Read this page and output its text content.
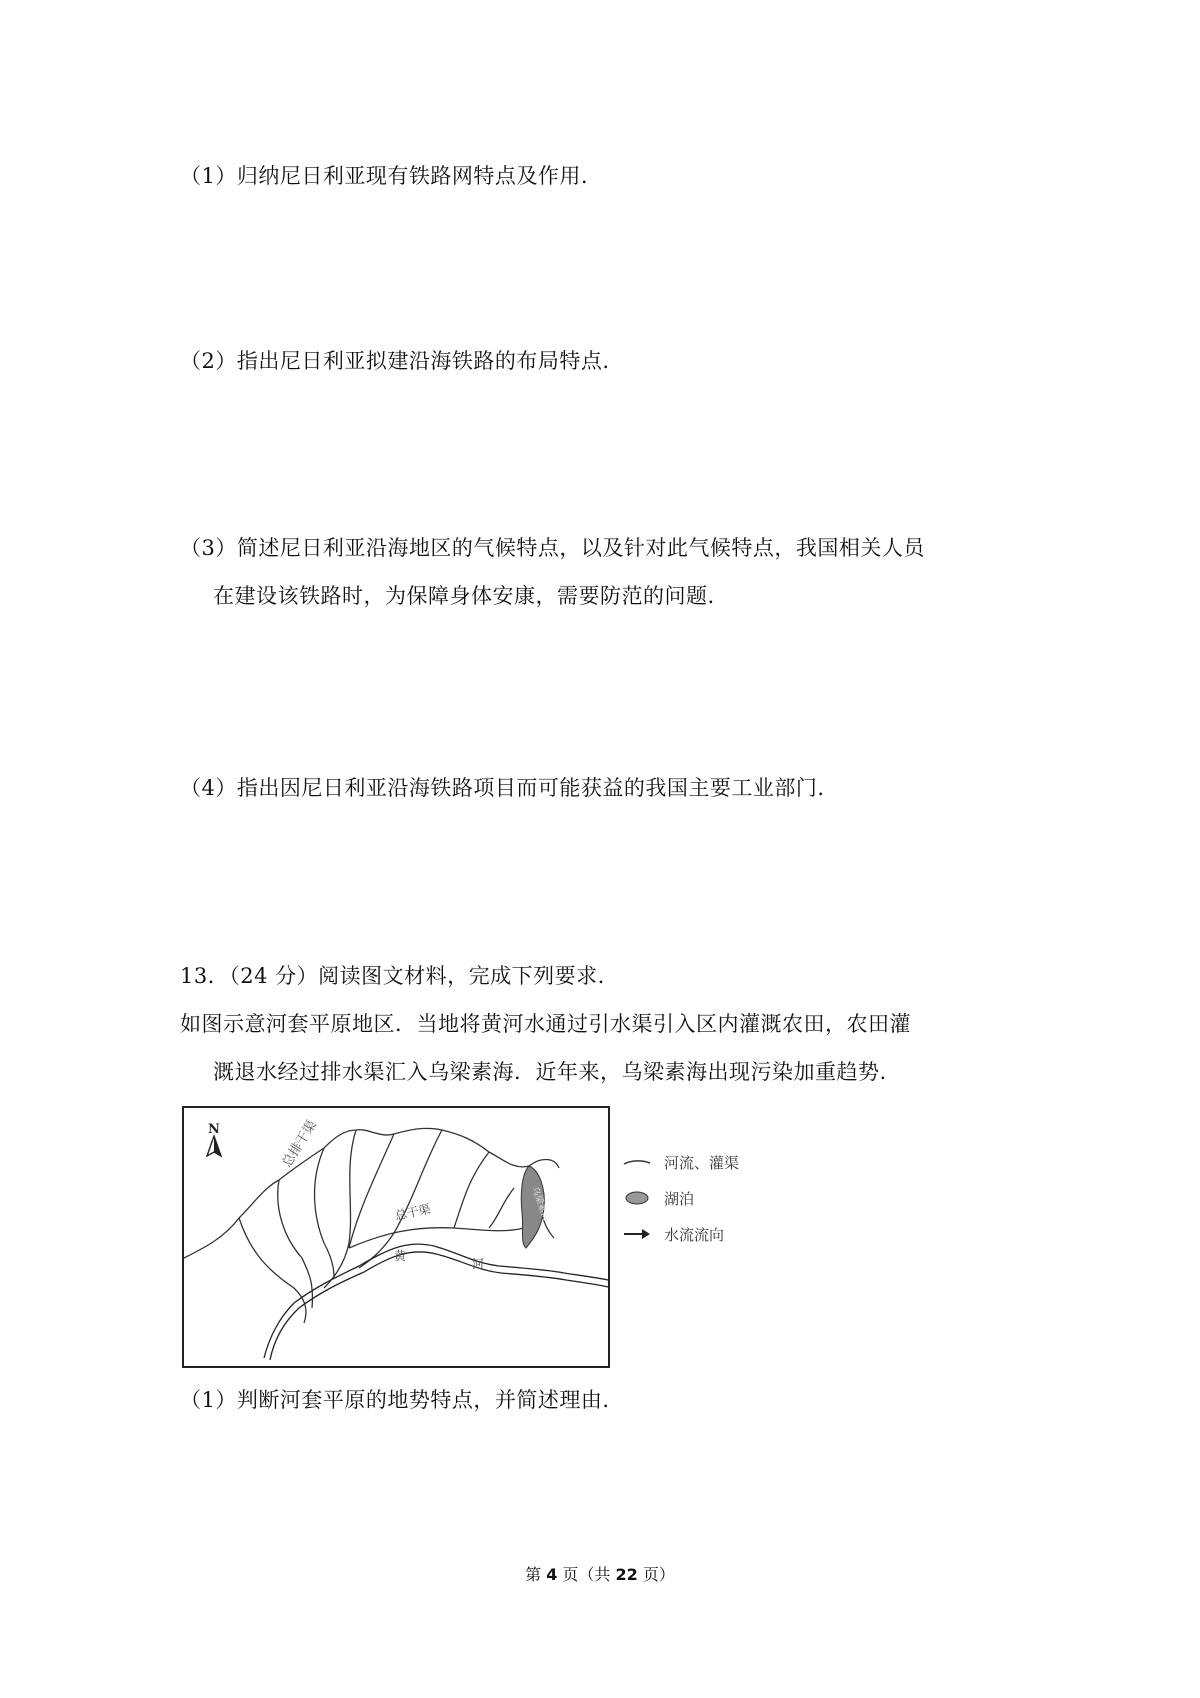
（1）归纳尼日利亚现有铁路网特点及作用.
（2）指出尼日利亚拟建沿海铁路的布局特点.
（3）简述尼日利亚沿海地区的气候特点，以及针对此气候特点，我国相关人员
在建设该铁路时，为保障身体安康，需要防范的问题.
（4）指出因尼日利亚沿海铁路项目而可能获益的我国主要工业部门.
13．（24 分）阅读图文材料，完成下列要求.
如图示意河套平原地区．当地将黄河水通过引水渠引入区内灌溉农田，农田灌
溉退水经过排水渠汇入乌梁素海．近年来，乌梁素海出现污染加重趋势.
N	总排干渠
总干渠
黄
河
乌梁素海
河流、灌渠
湖泊
水流流向
（1）判断河套平原的地势特点，并简述理由.
第 4 页（共 22 页）
